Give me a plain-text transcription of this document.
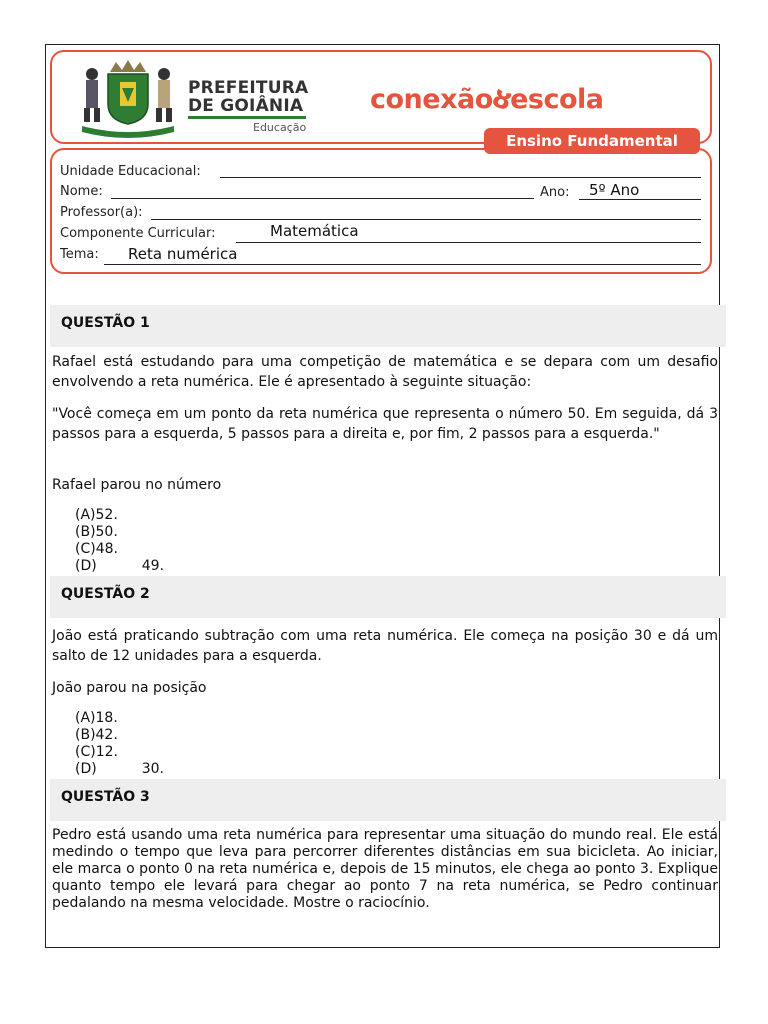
PREFEITURA
DE GOIÂNIA
Educação
conexãoȣescola
Ensino Fundamental
Unidade Educacional:
Nome:	Ano: 5º Ano
Professor(a):
Componente Curricular:	Matemática
Tema: Reta numérica
QUESTÃO 1
Rafael está estudando para uma competição de matemática e se depara com um desafio envolvendo a reta numérica. Ele é apresentado à seguinte situação:
"Você começa em um ponto da reta numérica que representa o número 50. Em seguida, dá 3 passos para a esquerda, 5 passos para a direita e, por fim, 2 passos para a esquerda."
Rafael parou no número
(A)52.
(B)50.
(C)48.
(D)	49.
QUESTÃO 2
João está praticando subtração com uma reta numérica. Ele começa na posição 30 e dá um salto de 12 unidades para a esquerda.
João parou na posição
(A)18.
(B)42.
(C)12.
(D)	30.
QUESTÃO 3
Pedro está usando uma reta numérica para representar uma situação do mundo real. Ele está medindo o tempo que leva para percorrer diferentes distâncias em sua bicicleta. Ao iniciar, ele marca o ponto 0 na reta numérica e, depois de 15 minutos, ele chega ao ponto 3. Explique quanto tempo ele levará para chegar ao ponto 7 na reta numérica, se Pedro continuar pedalando na mesma velocidade. Mostre o raciocínio.
